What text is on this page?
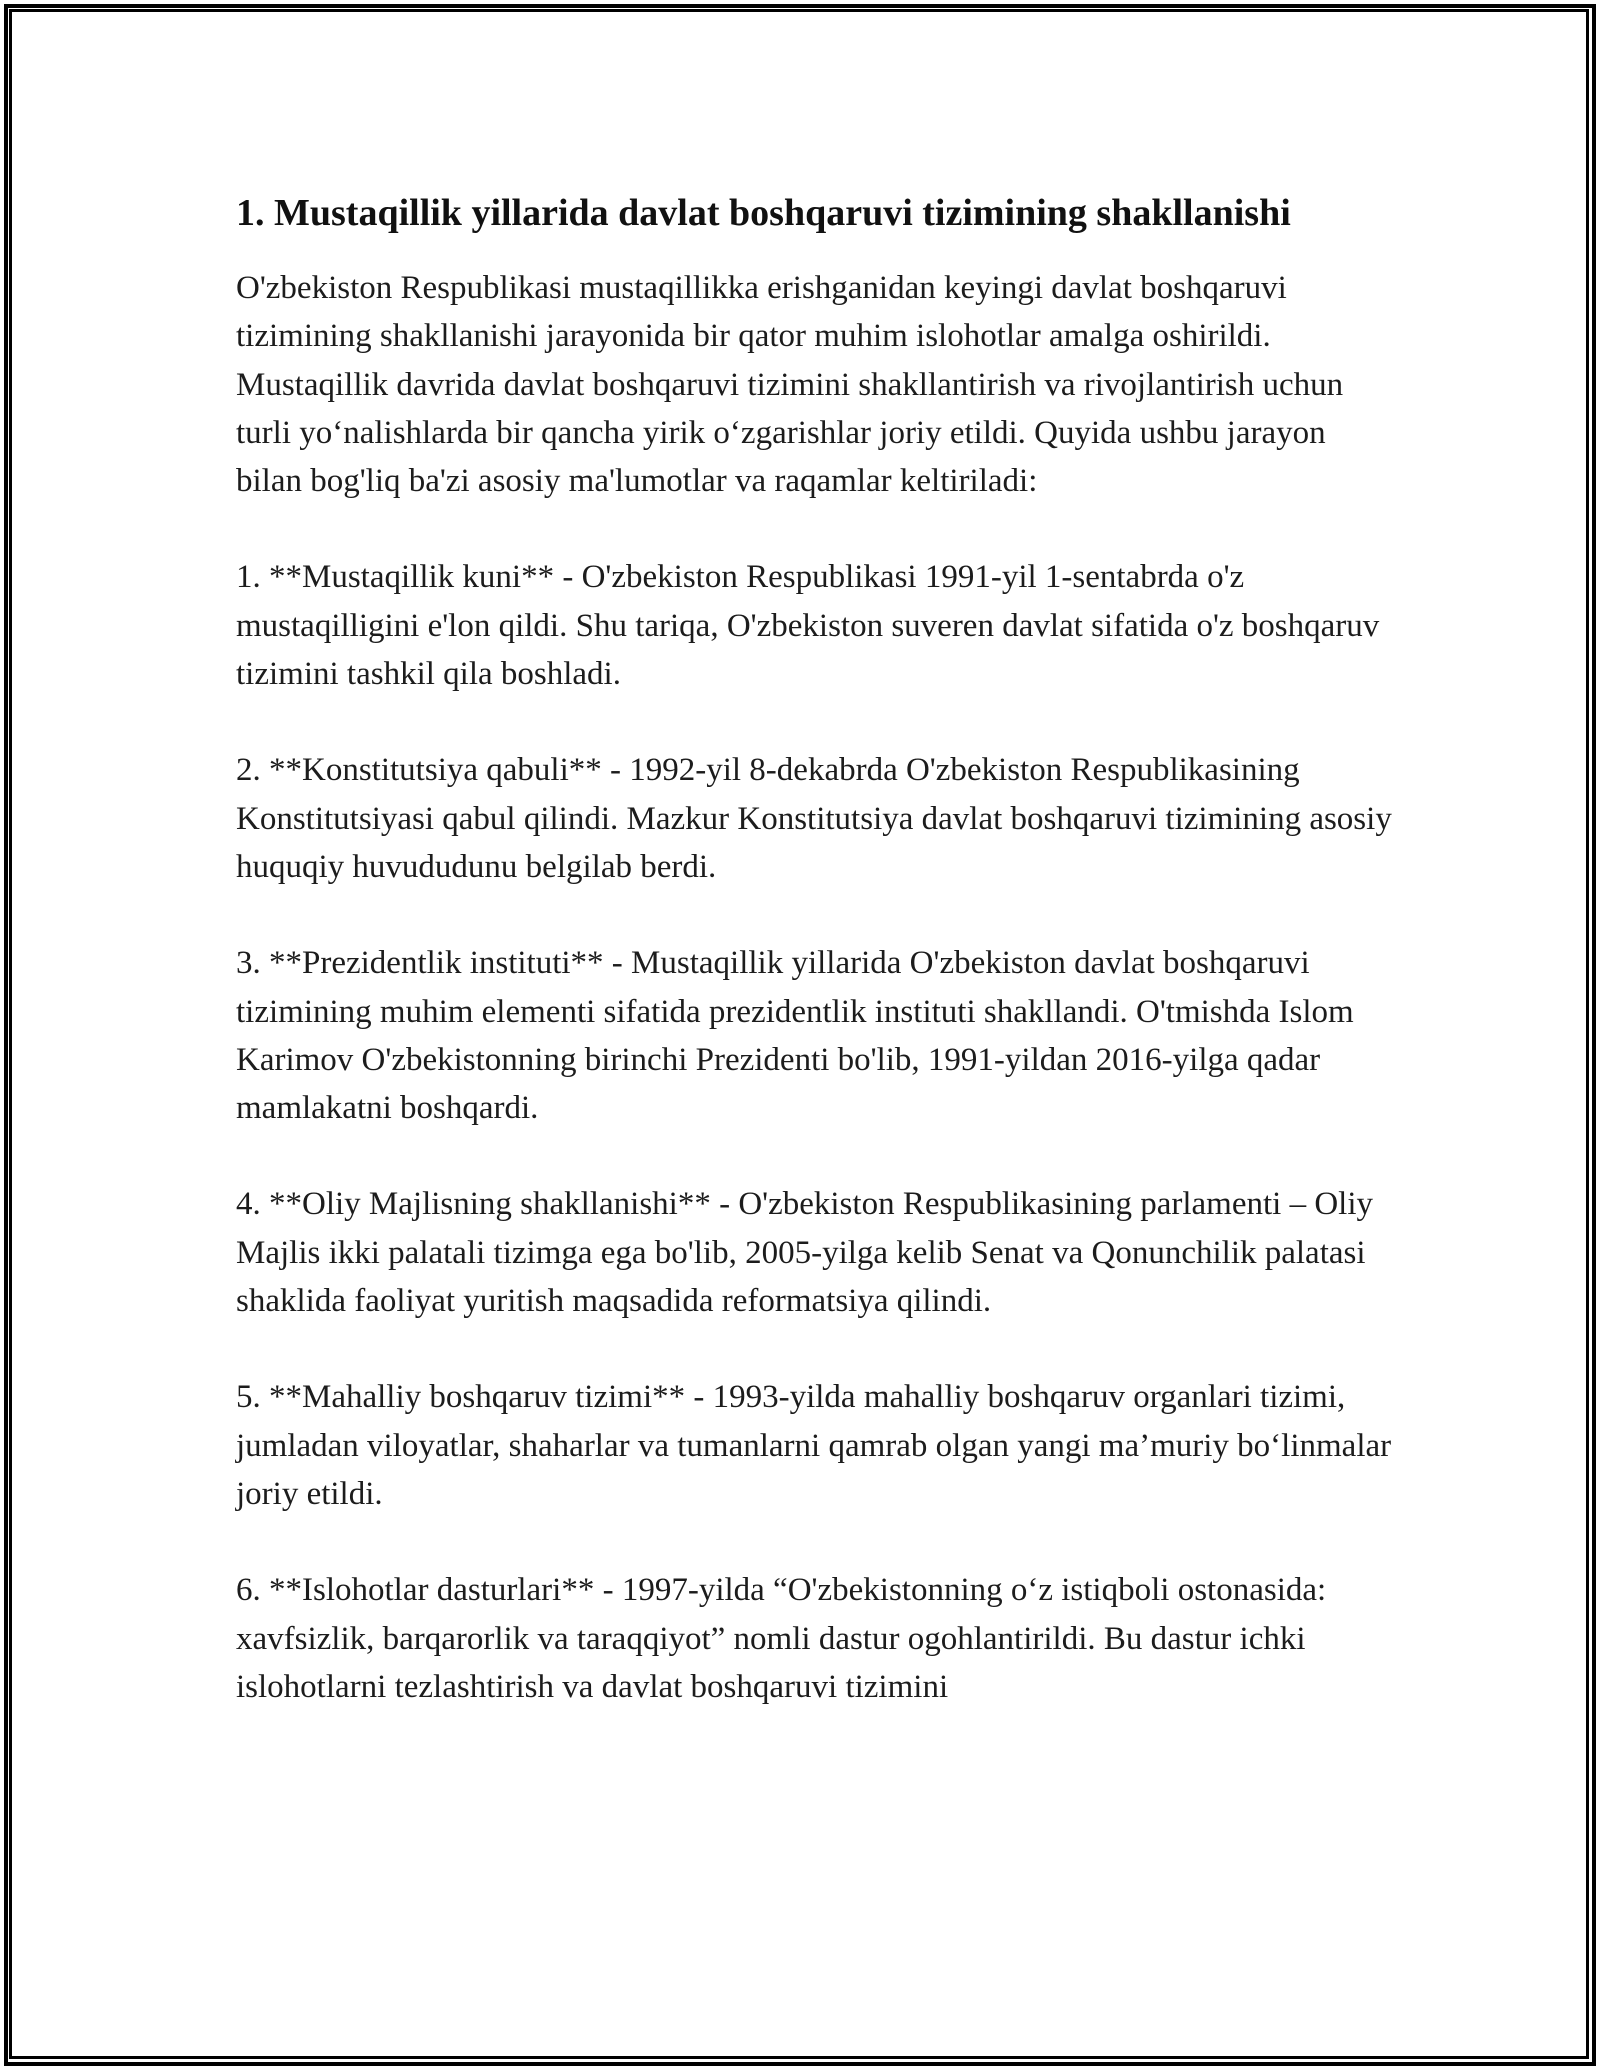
1. Mustaqillik yillarida davlat boshqaruvi tizimining shakllanishi

O'zbekiston Respublikasi mustaqillikka erishganidan keyingi davlat boshqaruvi tizimining shakllanishi jarayonida bir qator muhim islohotlar amalga oshirildi. Mustaqillik davrida davlat boshqaruvi tizimini shakllantirish va rivojlantirish uchun turli yo‘nalishlarda bir qancha yirik o‘zgarishlar joriy etildi. Quyida ushbu jarayon bilan bog'liq ba'zi asosiy ma'lumotlar va raqamlar keltiriladi:

1. **Mustaqillik kuni** - O'zbekiston Respublikasi 1991-yil 1-sentabrda o'z mustaqilligini e'lon qildi. Shu tariqa, O'zbekiston suveren davlat sifatida o'z boshqaruv tizimini tashkil qila boshladi.

2. **Konstitutsiya qabuli** - 1992-yil 8-dekabrda O'zbekiston Respublikasining Konstitutsiyasi qabul qilindi. Mazkur Konstitutsiya davlat boshqaruvi tizimining asosiy huquqiy huvududunu belgilab berdi.

3. **Prezidentlik instituti** - Mustaqillik yillarida O'zbekiston davlat boshqaruvi tizimining muhim elementi sifatida prezidentlik instituti shakllandi. O'tmishda Islom Karimov O'zbekistonning birinchi Prezidenti bo'lib, 1991-yildan 2016-yilga qadar mamlakatni boshqardi.

4. **Oliy Majlisning shakllanishi** - O'zbekiston Respublikasining parlamenti – Oliy Majlis ikki palatali tizimga ega bo'lib, 2005-yilga kelib Senat va Qonunchilik palatasi shaklida faoliyat yuritish maqsadida reformatsiya qilindi.

5. **Mahalliy boshqaruv tizimi** - 1993-yilda mahalliy boshqaruv organlari tizimi, jumladan viloyatlar, shaharlar va tumanlarni qamrab olgan yangi ma’muriy bo‘linmalar joriy etildi.

6. **Islohotlar dasturlari** - 1997-yilda “O'zbekistonning o‘z istiqboli ostonasida: xavfsizlik, barqarorlik va taraqqiyot” nomli dastur ogohlantirildi. Bu dastur ichki islohotlarni tezlashtirish va davlat boshqaruvi tizimini
